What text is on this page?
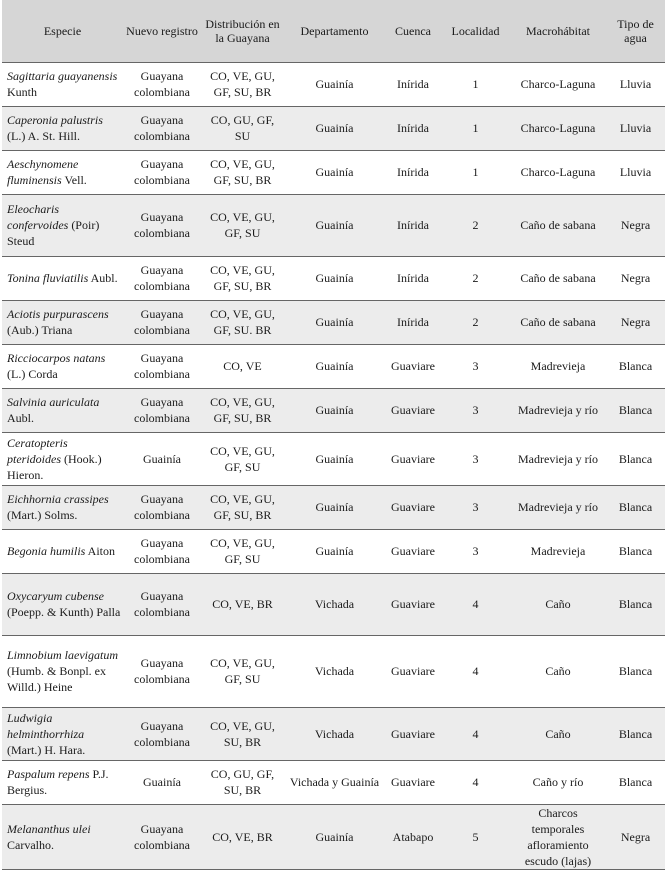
Especie	Nuevo registro	Distribución en la Guayana	Departamento	Cuenca	Localidad	Macrohábitat	Tipo de agua
Sagittaria guayanensis Kunth	Guayana colombiana	CO, VE, GU, GF, SU, BR	Guainía	Inírida	1	Charco-Laguna	Lluvia
Caperonia palustris (L.) A. St. Hill.	Guayana colombiana	CO, GU, GF, SU	Guainía	Inírida	1	Charco-Laguna	Lluvia
Aeschynomene fluminensis Vell.	Guayana colombiana	CO, VE, GU, GF, SU, BR	Guainía	Inírida	1	Charco-Laguna	Lluvia
Eleocharis confervoides (Poir) Steud	Guayana colombiana	CO, VE, GU, GF, SU	Guainía	Inírida	2	Caño de sabana	Negra
Tonina fluviatilis Aubl.	Guayana colombiana	CO, VE, GU, GF, SU, BR	Guainía	Inírida	2	Caño de sabana	Negra
Aciotis purpurascens (Aub.) Triana	Guayana colombiana	CO, VE, GU, GF, SU. BR	Guainía	Inírida	2	Caño de sabana	Negra
Ricciocarpos natans (L.) Corda	Guayana colombiana	CO, VE	Guainía	Guaviare	3	Madrevieja	Blanca
Salvinia auriculata Aubl.	Guayana colombiana	CO, VE, GU, GF, SU, BR	Guainía	Guaviare	3	Madrevieja y río	Blanca
Ceratopteris pteridoides (Hook.) Hieron.	Guainía	CO, VE, GU, GF, SU	Guainía	Guaviare	3	Madrevieja y río	Blanca
Eichhornia crassipes (Mart.) Solms.	Guayana colombiana	CO, VE, GU, GF, SU, BR	Guainía	Guaviare	3	Madrevieja y río	Blanca
Begonia humilis Aiton	Guayana colombiana	CO, VE, GU, GF, SU	Guainía	Guaviare	3	Madrevieja	Blanca
Oxycaryum cubense (Poepp. & Kunth) Palla	Guayana colombiana	CO, VE, BR	Vichada	Guaviare	4	Caño	Blanca
Limnobium laevigatum (Humb. & Bonpl. ex Willd.) Heine	Guayana colombiana	CO, VE, GU, GF, SU	Vichada	Guaviare	4	Caño	Blanca
Ludwigia helminthorrhiza (Mart.) H. Hara.	Guayana colombiana	CO, VE, GU, SU, BR	Vichada	Guaviare	4	Caño	Blanca
Paspalum repens P.J. Bergius.	Guainía	CO, GU, GF, SU, BR	Vichada y Guainía	Guaviare	4	Caño y río	Blanca
Melananthus ulei Carvalho.	Guayana colombiana	CO, VE, BR	Guainía	Atabapo	5	Charcos temporales afloramiento escudo (lajas)	Negra
